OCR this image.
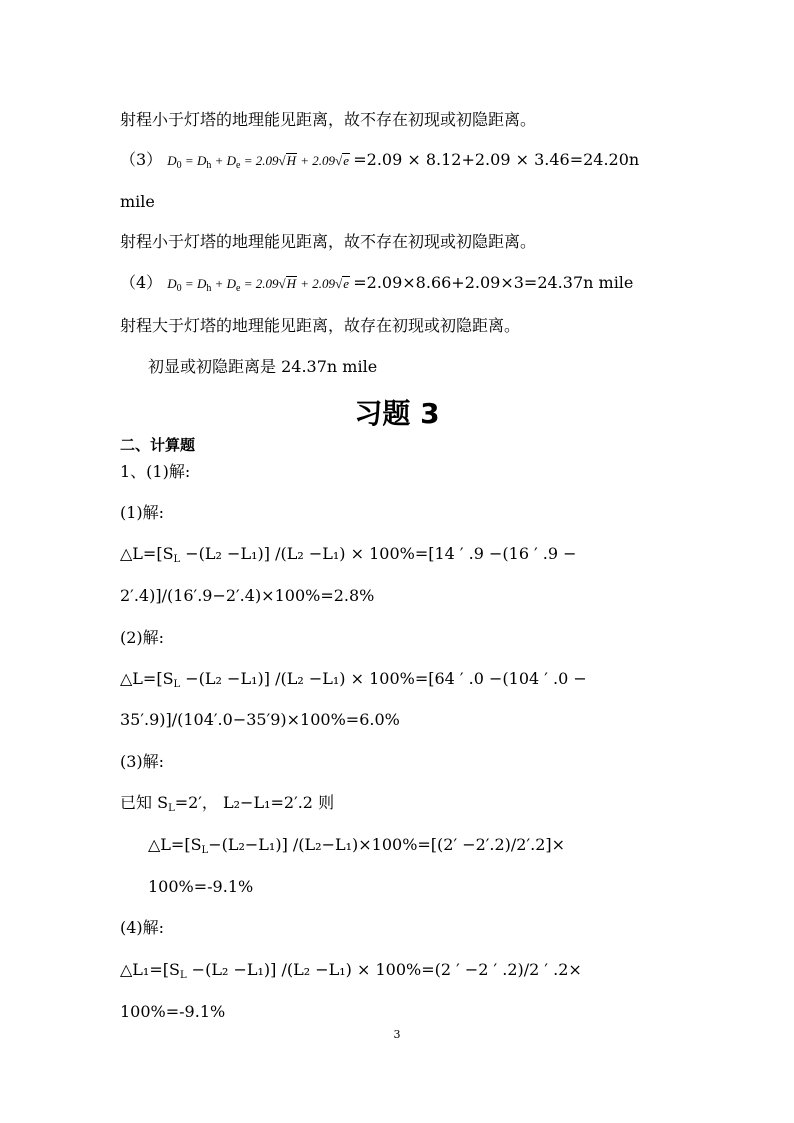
射程小于灯塔的地理能见距离，故不存在初现或初隐距离。
（3） $D_0 = D_h + D_e = 2.09√H + 2.09√e =2.09 \times 8.12+2.09 \times 3.46=24.20n$
mile
射程小于灯塔的地理能见距离，故不存在初现或初隐距离。
（4） $D_0 = D_h + D_e = 2.09√H + 2.09√e =2.09\times 8.66+2.09\times 3=24.37n$ mile
射程大于灯塔的地理能见距离，故存在初现或初隐距离。
初显或初隐距离是 24.37n mile
习题 3
二、计算题
1、(1)解:
(1)解:
△L=[SL −(L₂ −L₁)] /(L₂ −L₁) × 100%=[14 ′ .9 −(16 ′ .9 −
2′.4)]/(16′.9−2′.4)×100%=2.8%
(2)解:
△L=[SL −(L₂ −L₁)] /(L₂ −L₁) × 100%=[64 ′ .0 −(104 ′ .0 −
35′.9)]/(104′.0−35′9)×100%=6.0%
(3)解:
已知 SL=2′， L₂−L₁=2′.2 则
△L=[SL−(L₂−L₁)] /(L₂−L₁)×100%=[(2′ −2′.2)/2′.2]×
100%=-9.1%
(4)解:
△L₁=[SL −(L₂ −L₁)] /(L₂ −L₁) × 100%=(2 ′ −2 ′ .2)/2 ′ .2×
100%=-9.1%
3
